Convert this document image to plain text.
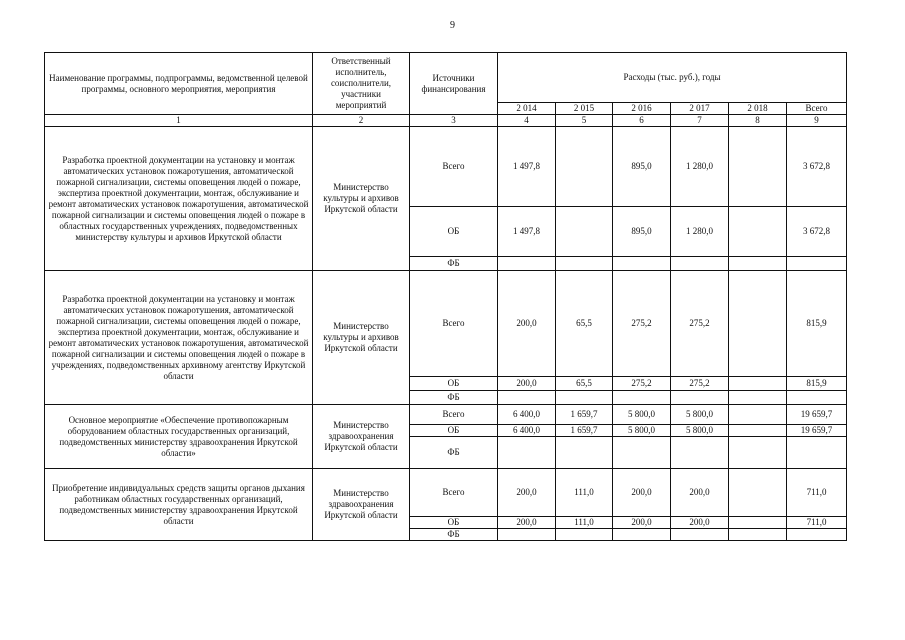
9
Наименование программы, подпрограммы, ведомственной целевой программы, основного мероприятия, мероприятия	Ответственный исполнитель, соисполнители, участники мероприятий	Источники финансирования	Расходы (тыс. руб.), годы					
			2 014	2 015	2 016	2 017	2 018	Всего
1	2	3	4	5	6	7	8	9
Разработка проектной документации на установку и монтаж автоматических установок пожаротушения, автоматической пожарной сигнализации, системы оповещения людей о пожаре, экспертиза проектной документации, монтаж, обслуживание и ремонт автоматических установок пожаротушения, автоматической пожарной сигнализации и системы оповещения людей о пожаре в областных государственных учреждениях, подведомственных министерству культуры и архивов Иркутской области	Министерство культуры и архивов Иркутской области	Всего	1 497,8		895,0	1 280,0		3 672,8
		ОБ	1 497,8		895,0	1 280,0		3 672,8
		ФБ						
Разработка проектной документации на установку и монтаж автоматических установок пожаротушения, автоматической пожарной сигнализации, системы оповещения людей о пожаре, экспертиза проектной документации, монтаж, обслуживание и ремонт автоматических установок пожаротушения, автоматической пожарной сигнализации и системы оповещения людей о пожаре в учреждениях, подведомственных архивному агентству Иркутской области	Министерство культуры и архивов Иркутской области	Всего	200,0	65,5	275,2	275,2		815,9
		ОБ	200,0	65,5	275,2	275,2		815,9
		ФБ						
Основное мероприятие «Обеспечение противопожарным оборудованием областных государственных организаций, подведомственных министерству здравоохранения Иркутской области»	Министерство здравоохранения Иркутской области	Всего	6 400,0	1 659,7	5 800,0	5 800,0		19 659,7
		ОБ	6 400,0	1 659,7	5 800,0	5 800,0		19 659,7
		ФБ						
Приобретение индивидуальных средств защиты органов дыхания работникам областных государственных организаций, подведомственных министерству здравоохранения Иркутской области	Министерство здравоохранения Иркутской области	Всего	200,0	111,0	200,0	200,0		711,0
		ОБ	200,0	111,0	200,0	200,0		711,0
		ФБ						
